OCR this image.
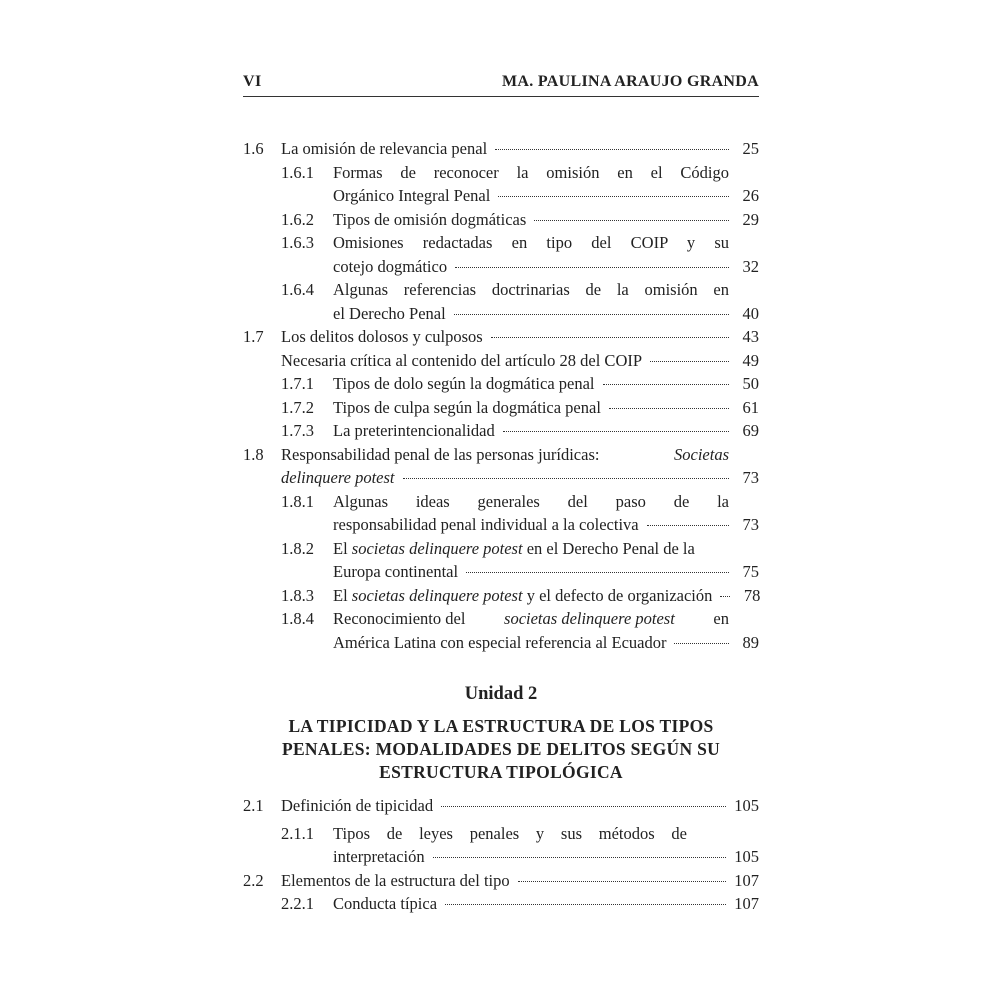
VI	MA. PAULINA ARAUJO GRANDA
1.6 La omisión de relevancia penal	25
1.6.1 Formas de reconocer la omisión en el Código
Orgánico Integral Penal	26
1.6.2 Tipos de omisión dogmáticas	29
1.6.3 Omisiones redactadas en tipo del COIP y su
cotejo dogmático	32
1.6.4 Algunas referencias doctrinarias de la omisión en
el Derecho Penal	40
1.7 Los delitos dolosos y culposos	43
Necesaria crítica al contenido del artículo 28 del COIP	49
1.7.1 Tipos de dolo según la dogmática penal	50
1.7.2 Tipos de culpa según la dogmática penal	61
1.7.3 La preterintencionalidad	69
1.8 Responsabilidad penal de las personas jurídicas:	Societas
delinquere potest	73
1.8.1 Algunas ideas generales del paso de la
responsabilidad penal individual a la colectiva	73
1.8.2 El societas delinquere potest en el Derecho Penal de la
Europa continental	75
1.8.3 El societas delinquere potest y el defecto de organización	78
1.8.4 Reconocimiento del societas delinquere potest en
América Latina con especial referencia al Ecuador	89
Unidad 2
LA TIPICIDAD Y LA ESTRUCTURA DE LOS TIPOS
PENALES: MODALIDADES DE DELITOS SEGÚN SU
ESTRUCTURA TIPOLÓGICA
2.1 Definición de tipicidad	105
2.1.1 Tipos de leyes penales y sus métodos de
interpretación	105
2.2 Elementos de la estructura del tipo	107
2.2.1 Conducta típica	107
